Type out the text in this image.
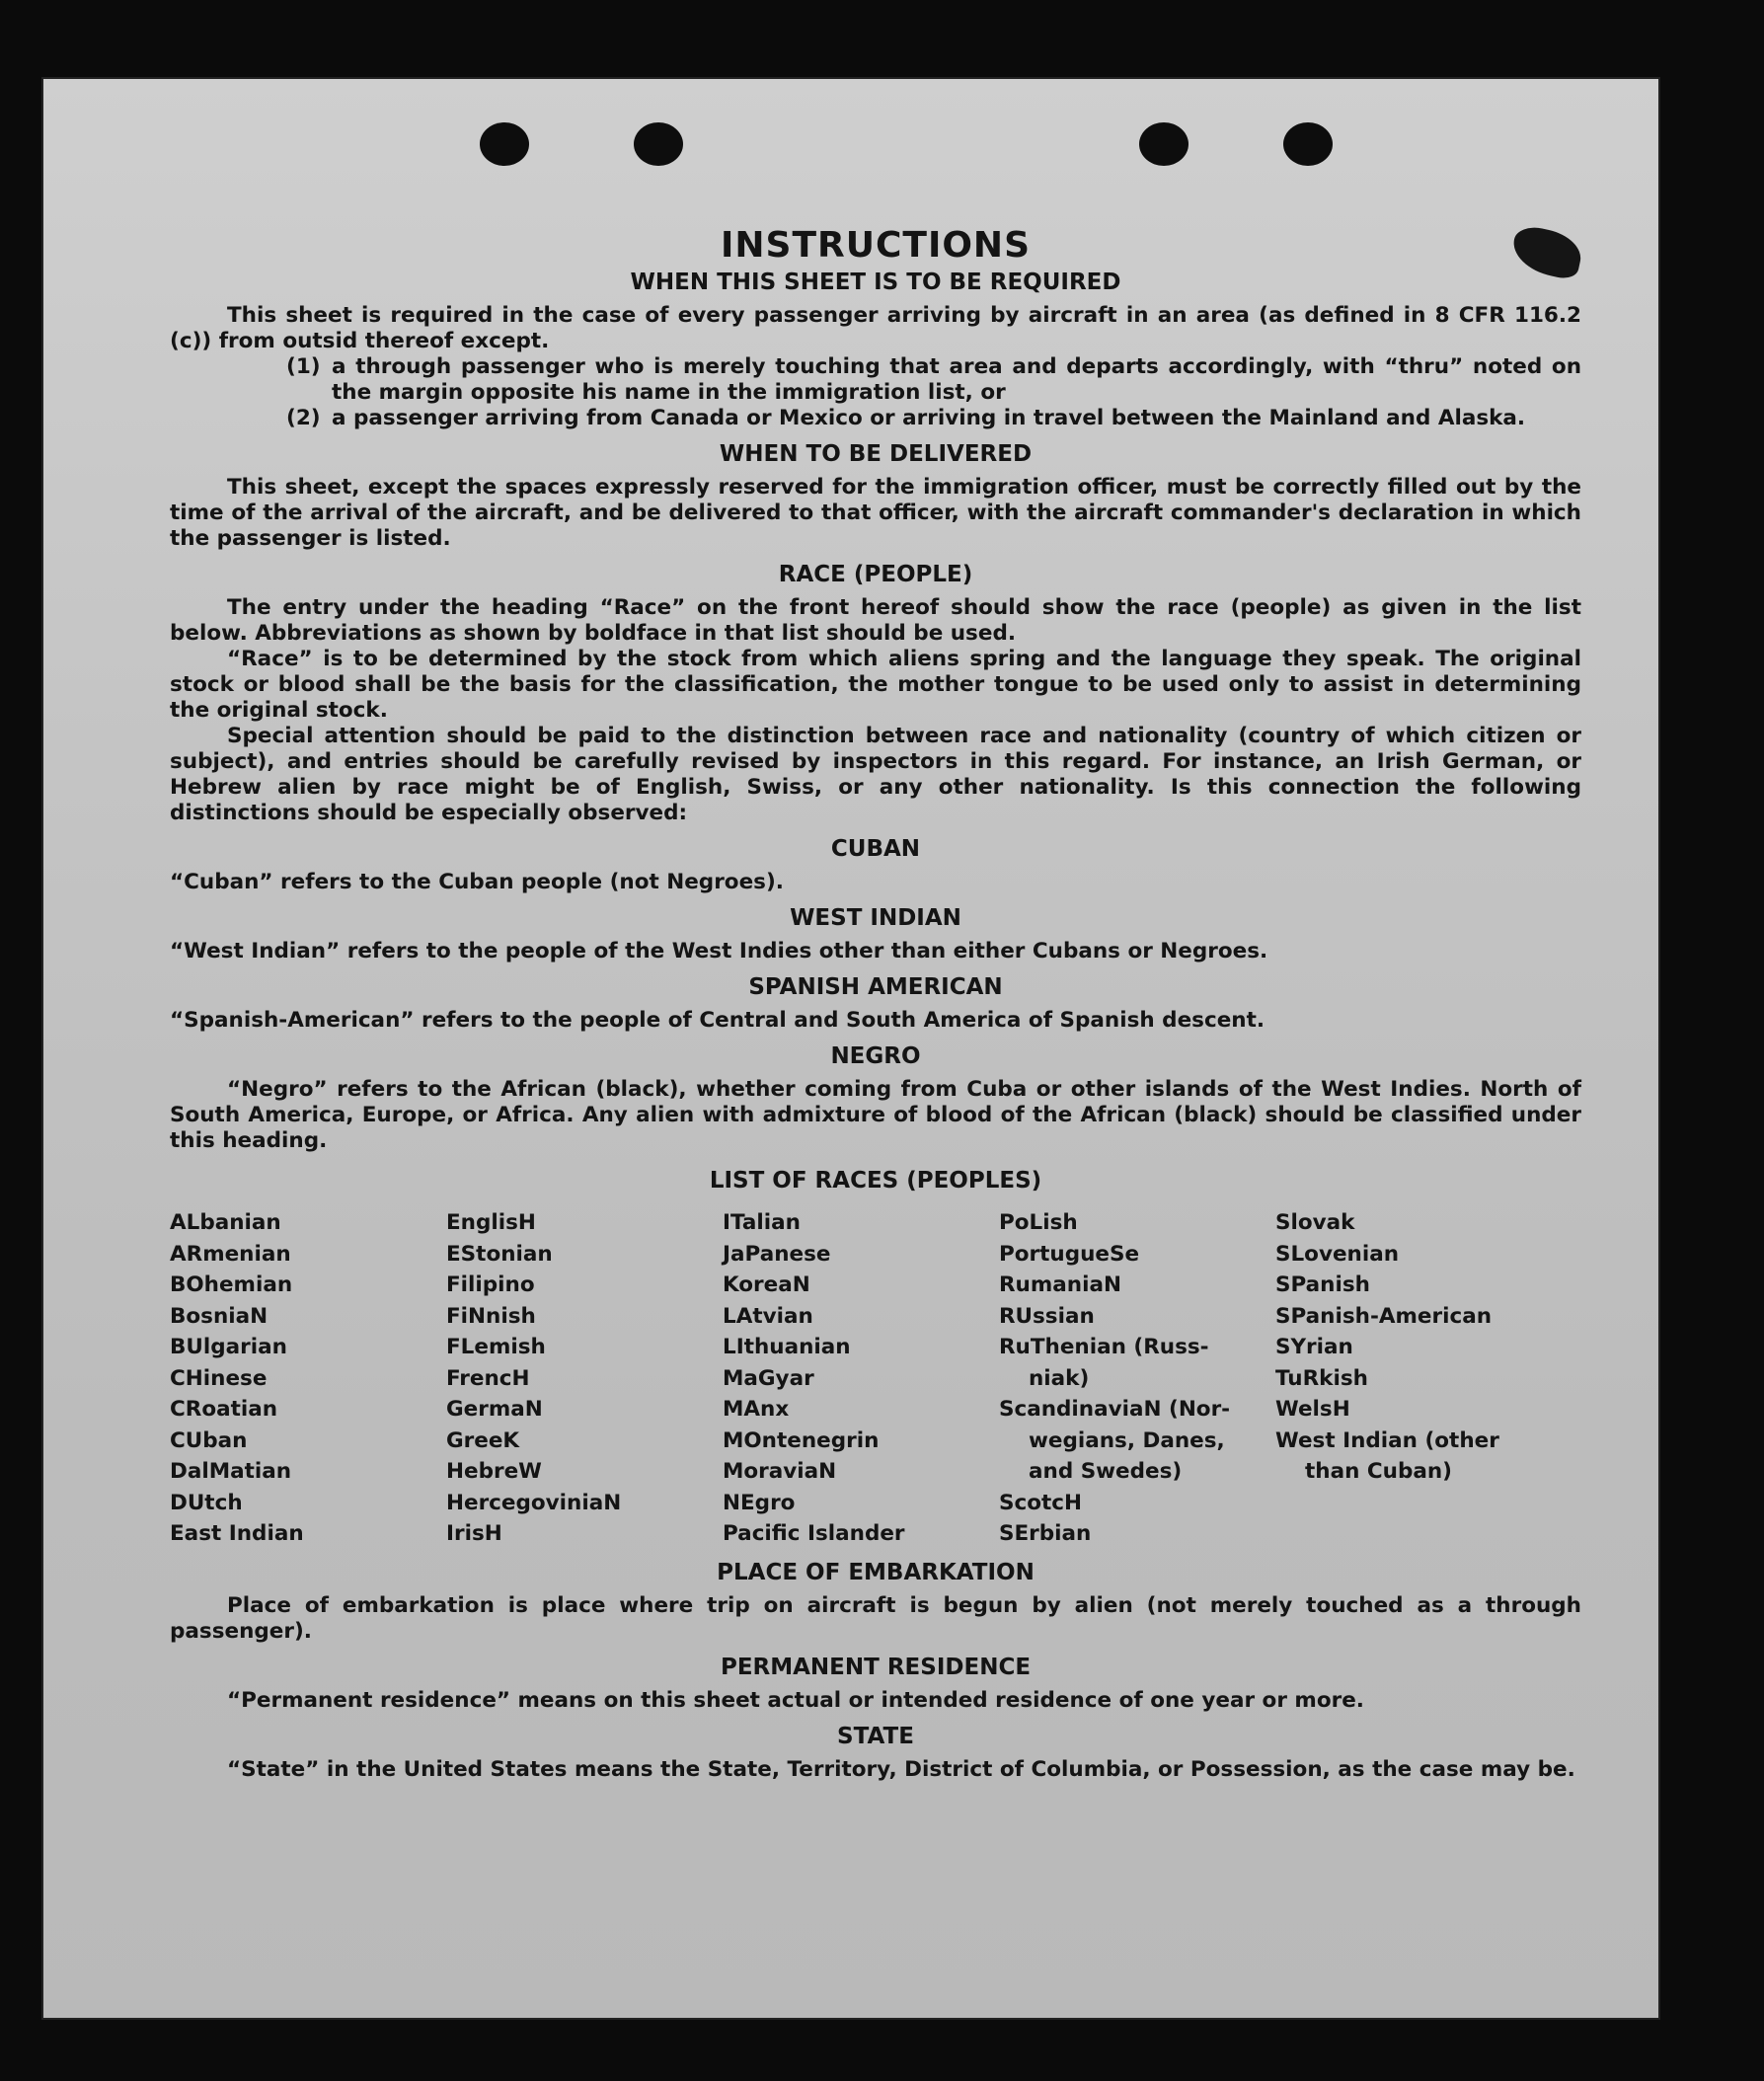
INSTRUCTIONS
WHEN THIS SHEET IS TO BE REQUIRED

This sheet is required in the case of every passenger arriving by aircraft in an area (as defined in 8 CFR 116.2 (c)) from outsid thereof except.

(1) a through passenger who is merely touching that area and departs accordingly, with “thru” noted on the margin opposite his name in the immigration list, or
(2) a passenger arriving from Canada or Mexico or arriving in travel between the Mainland and Alaska.
WHEN TO BE DELIVERED

This sheet, except the spaces expressly reserved for the immigration officer, must be correctly filled out by the time of the arrival of the aircraft, and be delivered to that officer, with the aircraft commander's declaration in which the passenger is listed.

RACE (PEOPLE)

The entry under the heading “Race” on the front hereof should show the race (people) as given in the list below. Abbreviations as shown by boldface in that list should be used.

“Race” is to be determined by the stock from which aliens spring and the language they speak. The original stock or blood shall be the basis for the classification, the mother tongue to be used only to assist in determining the original stock.

Special attention should be paid to the distinction between race and nationality (country of which citizen or subject), and entries should be carefully revised by inspectors in this regard. For instance, an Irish German, or Hebrew alien by race might be of English, Swiss, or any other nationality. Is this connection the following distinctions should be especially observed:

CUBAN

“Cuban” refers to the Cuban people (not Negroes).

WEST INDIAN

“West Indian” refers to the people of the West Indies other than either Cubans or Negroes.

SPANISH AMERICAN

“Spanish-American” refers to the people of Central and South America of Spanish descent.

NEGRO

“Negro” refers to the African (black), whether coming from Cuba or other islands of the West Indies. North of South America, Europe, or Africa. Any alien with admixture of blood of the African (black) should be classified under this heading.

LIST OF RACES (PEOPLES)
ALbanian
ARmenian
BOhemian
BosniaN
BUlgarian
CHinese
CRoatian
CUban
DalMatian
DUtch
East Indian
EnglisH
EStonian
Filipino
FiNnish
FLemish
FrencH
GermaN
GreeK
HebreW
HercegoviniaN
IrisH
ITalian
JaPanese
KoreaN
LAtvian
LIthuanian
MaGyar
MAnx
MOntenegrin
MoraviaN
NEgro
Pacific Islander
PoLish
PortugueSe
RumaniaN
RUssian
RuThenian (Russ-
niak)
ScandinaviaN (Nor-
wegians, Danes,
and Swedes)
ScotcH
SErbian
Slovak
SLovenian
SPanish
SPanish-American
SYrian
TuRkish
WelsH
West Indian (other
than Cuban)
PLACE OF EMBARKATION

Place of embarkation is place where trip on aircraft is begun by alien (not merely touched as a through passenger).

PERMANENT RESIDENCE

“Permanent residence” means on this sheet actual or intended residence of one year or more.

STATE

“State” in the United States means the State, Territory, District of Columbia, or Possession, as the case may be.
